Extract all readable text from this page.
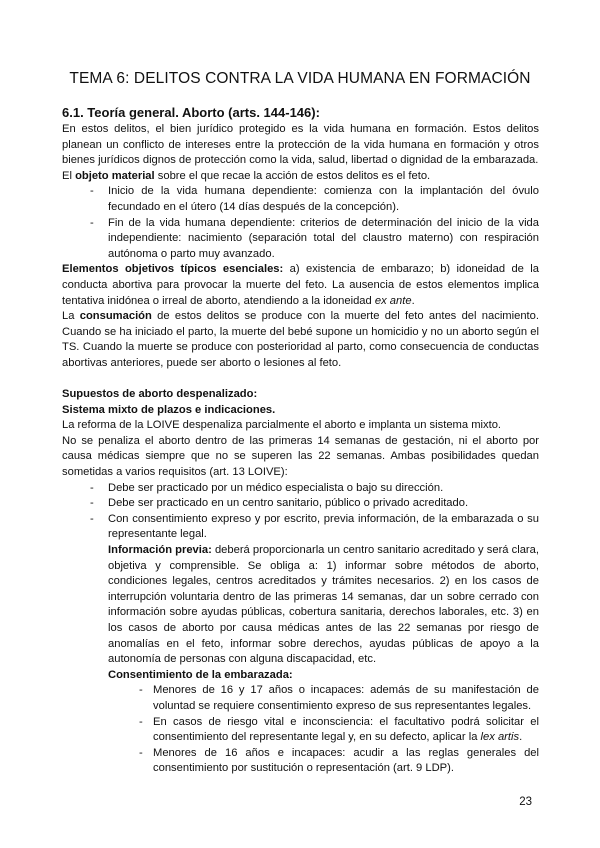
TEMA 6: DELITOS CONTRA LA VIDA HUMANA EN FORMACIÓN
6.1. Teoría general. Aborto (arts. 144-146):

En estos delitos, el bien jurídico protegido es la vida humana en formación. Estos delitos planean un conflicto de intereses entre la protección de la vida humana en formación y otros bienes jurídicos dignos de protección como la vida, salud, libertad o dignidad de la embarazada.

El objeto material sobre el que recae la acción de estos delitos es el feto.

- Inicio de la vida humana dependiente: comienza con la implantación del óvulo fecundado en el útero (14 días después de la concepción).
- Fin de la vida humana dependiente: criterios de determinación del inicio de la vida independiente: nacimiento (separación total del claustro materno) con respiración autónoma o parto muy avanzado.

Elementos objetivos típicos esenciales: a) existencia de embarazo; b) idoneidad de la conducta abortiva para provocar la muerte del feto. La ausencia de estos elementos implica tentativa inidónea o irreal de aborto, atendiendo a la idoneidad ex ante.

La consumación de estos delitos se produce con la muerte del feto antes del nacimiento. Cuando se ha iniciado el parto, la muerte del bebé supone un homicidio y no un aborto según el TS. Cuando la muerte se produce con posterioridad al parto, como consecuencia de conductas abortivas anteriores, puede ser aborto o lesiones al feto.

Supuestos de aborto despenalizado:

Sistema mixto de plazos e indicaciones.

La reforma de la LOIVE despenaliza parcialmente el aborto e implanta un sistema mixto.

No se penaliza el aborto dentro de las primeras 14 semanas de gestación, ni el aborto por causa médicas siempre que no se superen las 22 semanas. Ambas posibilidades quedan sometidas a varios requisitos (art. 13 LOIVE):

- Debe ser practicado por un médico especialista o bajo su dirección.
- Debe ser practicado en un centro sanitario, público o privado acreditado.
- Con consentimiento expreso y por escrito, previa información, de la embarazada o su representante legal.

Información previa: deberá proporcionarla un centro sanitario acreditado y será clara, objetiva y comprensible. Se obliga a: 1) informar sobre métodos de aborto, condiciones legales, centros acreditados y trámites necesarios. 2) en los casos de interrupción voluntaria dentro de las primeras 14 semanas, dar un sobre cerrado con información sobre ayudas públicas, cobertura sanitaria, derechos laborales, etc. 3) en los casos de aborto por causa médicas antes de las 22 semanas por riesgo de anomalías en el feto, informar sobre derechos, ayudas públicas de apoyo a la autonomía de personas con alguna discapacidad, etc.

Consentimiento de la embarazada:

- Menores de 16 y 17 años o incapaces: además de su manifestación de voluntad se requiere consentimiento expreso de sus representantes legales.
- En casos de riesgo vital e inconsciencia: el facultativo podrá solicitar el consentimiento del representante legal y, en su defecto, aplicar la lex artis.
- Menores de 16 años e incapaces: acudir a las reglas generales del consentimiento por sustitución o representación (art. 9 LDP).
23
